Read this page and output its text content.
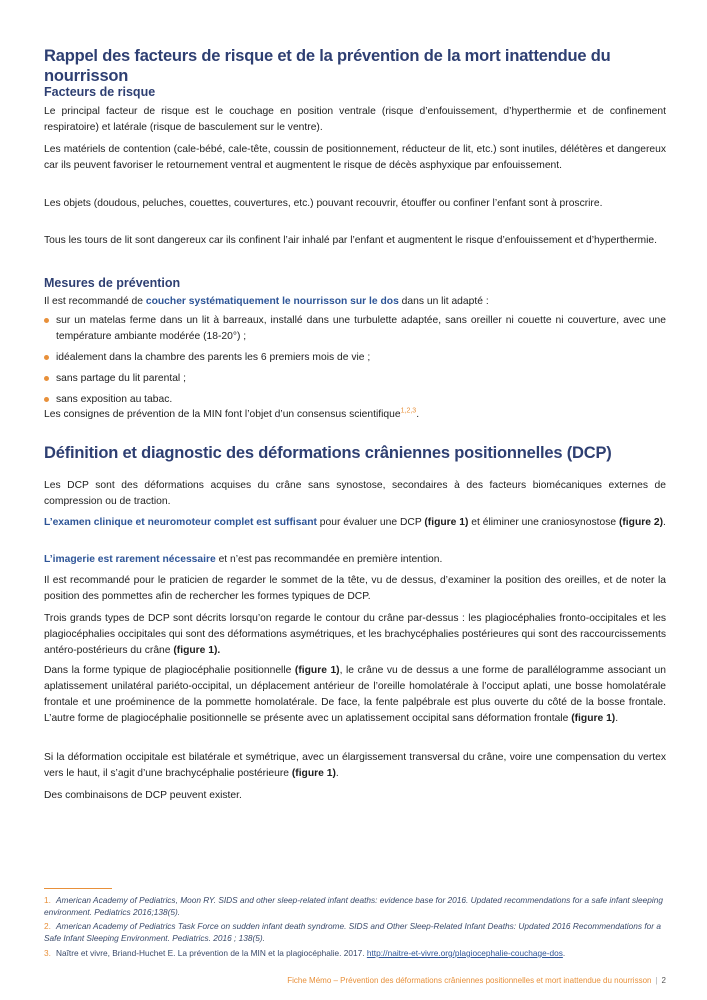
Rappel des facteurs de risque et de la prévention de la mort inattendue du nourrisson
Facteurs de risque

Le principal facteur de risque est le couchage en position ventrale (risque d’enfouissement, d’hyperthermie et de confinement respiratoire) et latérale (risque de basculement sur le ventre).

Les matériels de contention (cale-bébé, cale-tête, coussin de positionnement, réducteur de lit, etc.) sont inutiles, délétères et dangereux car ils peuvent favoriser le retournement ventral et augmentent le risque de décès asphyxique par enfouissement.

Les objets (doudous, peluches, couettes, couvertures, etc.) pouvant recouvrir, étouffer ou confiner l’enfant sont à proscrire.

Tous les tours de lit sont dangereux car ils confinent l’air inhalé par l’enfant et augmentent le risque d’enfouissement et d’hyperthermie.

Mesures de prévention

Il est recommandé de coucher systématiquement le nourrisson sur le dos dans un lit adapté :

sur un matelas ferme dans un lit à barreaux, installé dans une turbulette adaptée, sans oreiller ni couette ni couverture, avec une température ambiante modérée (18-20°) ;
idéalement dans la chambre des parents les 6 premiers mois de vie ;
sans partage du lit parental ;
sans exposition au tabac.

Les consignes de prévention de la MIN font l’objet d’un consensus scientifique$^{1,2,3}$.

Définition et diagnostic des déformations crâniennes positionnelles (DCP)

Les DCP sont des déformations acquises du crâne sans synostose, secondaires à des facteurs biomécaniques externes de compression ou de traction.

L’examen clinique et neuromoteur complet est suffisant pour évaluer une DCP (figure 1) et éliminer une craniosynostose (figure 2).

L’imagerie est rarement nécessaire et n’est pas recommandée en première intention.

Il est recommandé pour le praticien de regarder le sommet de la tête, vu de dessus, d’examiner la position des oreilles, et de noter la position des pommettes afin de rechercher les formes typiques de DCP.

Trois grands types de DCP sont décrits lorsqu’on regarde le contour du crâne par-dessus : les plagiocéphalies fronto-occipitales et les plagiocéphalies occipitales qui sont des déformations asymétriques, et les brachycéphalies postérieures qui sont des raccourcissements antéro-postérieurs du crâne (figure 1).

Dans la forme typique de plagiocéphalie positionnelle (figure 1), le crâne vu de dessus a une forme de parallélogramme associant un aplatissement unilatéral pariéto-occipital, un déplacement antérieur de l’oreille homolatérale à l’occiput aplati, une bosse homolatérale frontale et une proéminence de la pommette homolatérale. De face, la fente palpébrale est plus ouverte du côté de la bosse frontale. L’autre forme de plagiocéphalie positionnelle se présente avec un aplatissement occipital sans déformation frontale (figure 1).

Si la déformation occipitale est bilatérale et symétrique, avec un élargissement transversal du crâne, voire une compensation du vertex vers le haut, il s’agit d’une brachycéphalie postérieure (figure 1).

Des combinaisons de DCP peuvent exister.

1. American Academy of Pediatrics, Moon RY. SIDS and other sleep-related infant deaths: evidence base for 2016. Updated recommendations for a safe infant sleeping environment. Pediatrics 2016;138(5).
2. American Academy of Pediatrics Task Force on sudden infant death syndrome. SIDS and Other Sleep-Related Infant Deaths: Updated 2016 Recommendations for a Safe Infant Sleeping Environment. Pediatrics. 2016 ; 138(5).
3. Naître et vivre, Briand-Huchet E. La prévention de la MIN et la plagiocéphalie. 2017. http://naitre-et-vivre.org/plagiocephalie-couchage-dos.
Fiche Mémo – Prévention des déformations crâniennes positionnelles et mort inattendue du nourrisson | 2
